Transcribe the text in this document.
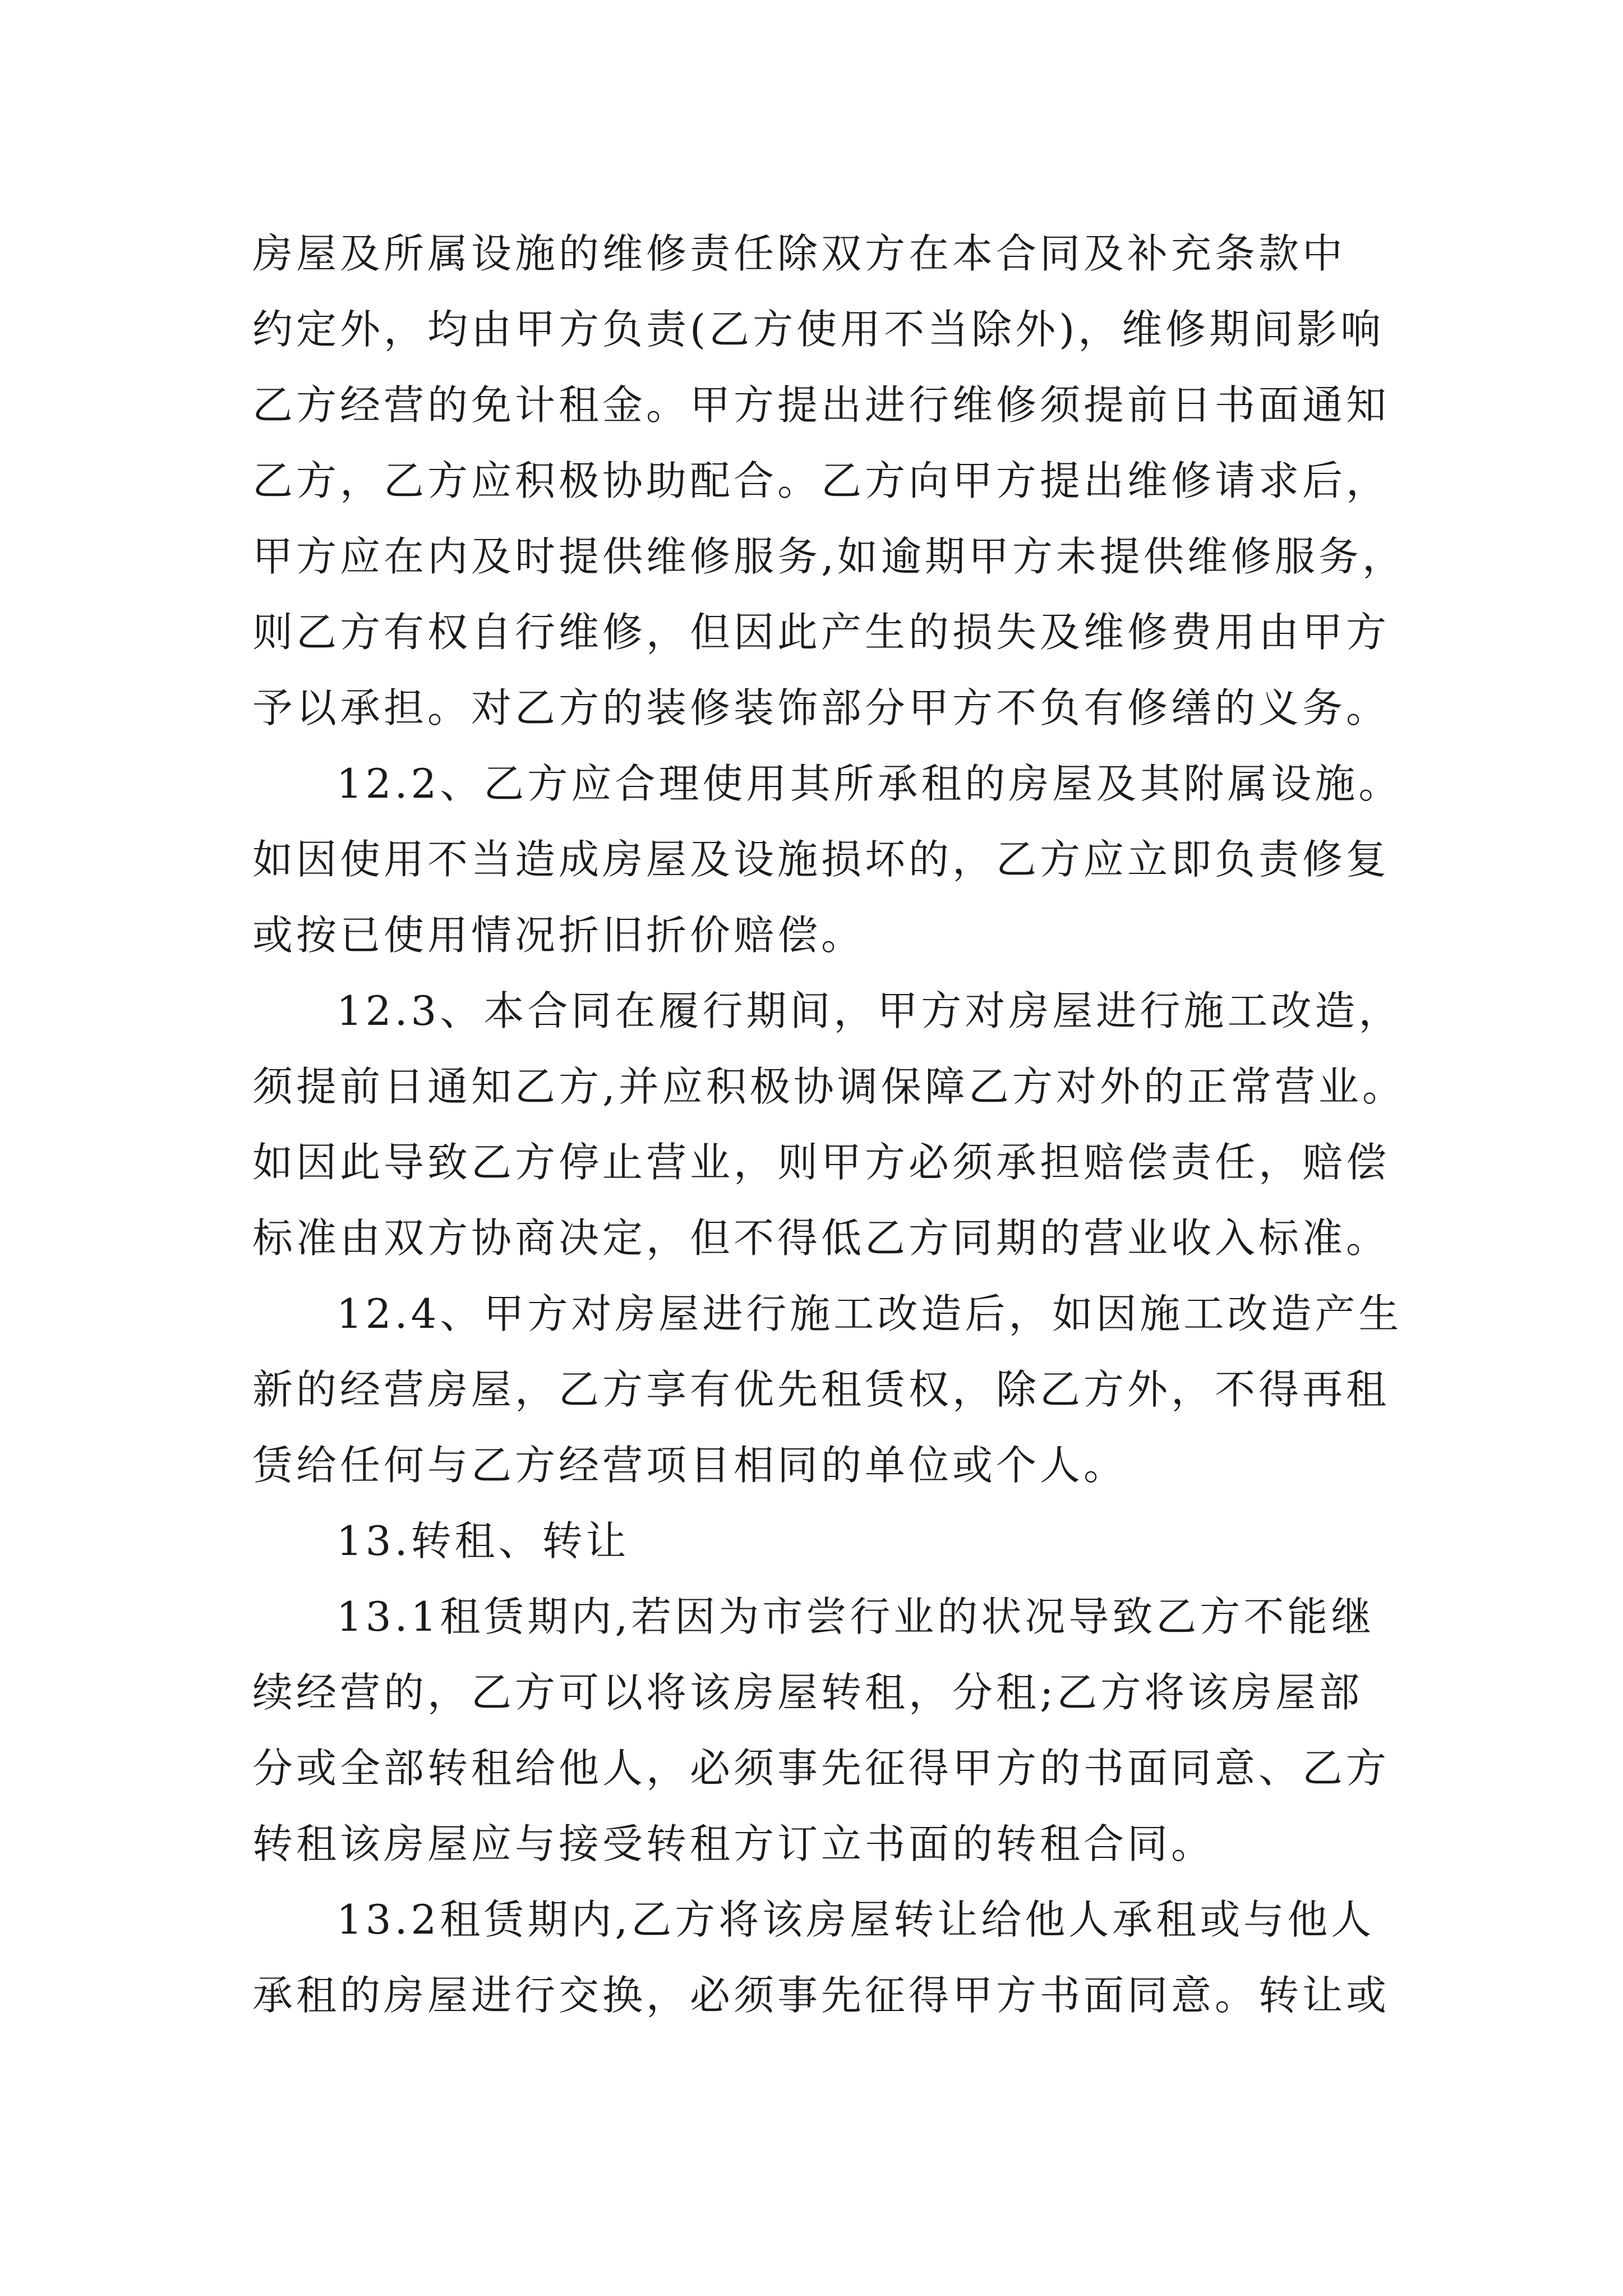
房屋及所属设施的维修责任除双方在本合同及补充条款中
约定外，均由甲方负责(乙方使用不当除外)，维修期间影响
乙方经营的免计租金。甲方提出进行维修须提前日书面通知
乙方，乙方应积极协助配合。乙方向甲方提出维修请求后，
甲方应在内及时提供维修服务,如逾期甲方未提供维修服务，
则乙方有权自行维修，但因此产生的损失及维修费用由甲方
予以承担。对乙方的装修装饰部分甲方不负有修缮的义务。
12.2、乙方应合理使用其所承租的房屋及其附属设施。
如因使用不当造成房屋及设施损坏的，乙方应立即负责修复
或按已使用情况折旧折价赔偿。
12.3、本合同在履行期间，甲方对房屋进行施工改造，
须提前日通知乙方,并应积极协调保障乙方对外的正常营业。
如因此导致乙方停止营业，则甲方必须承担赔偿责任，赔偿
标准由双方协商决定，但不得低乙方同期的营业收入标准。
12.4、甲方对房屋进行施工改造后，如因施工改造产生
新的经营房屋，乙方享有优先租赁权，除乙方外，不得再租
赁给任何与乙方经营项目相同的单位或个人。
13.转租、转让
13.1租赁期内,若因为市尝行业的状况导致乙方不能继
续经营的，乙方可以将该房屋转租，分租;乙方将该房屋部
分或全部转租给他人，必须事先征得甲方的书面同意、乙方
转租该房屋应与接受转租方订立书面的转租合同。
13.2租赁期内,乙方将该房屋转让给他人承租或与他人
承租的房屋进行交换，必须事先征得甲方书面同意。转让或
